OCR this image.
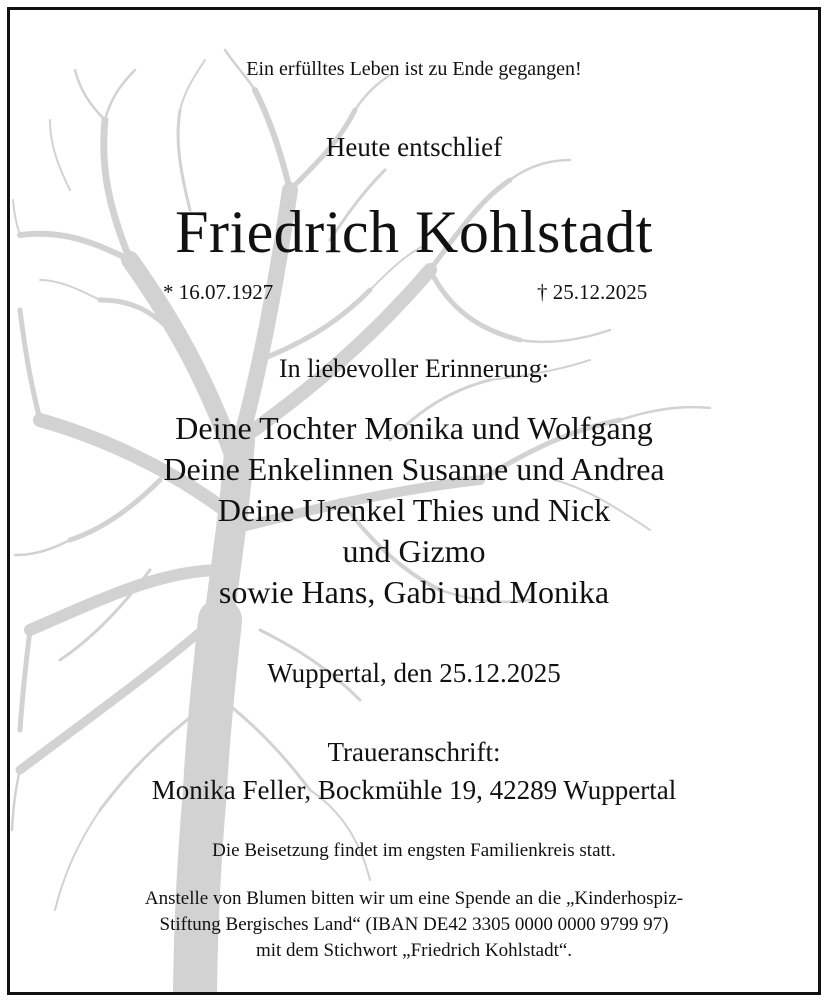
Ein erfülltes Leben ist zu Ende gegangen!

Heute entschlief

Friedrich Kohlstadt

* 16.07.1927	† 25.12.2025

In liebevoller Erinnerung:

Deine Tochter Monika und Wolfgang
Deine Enkelinnen Susanne und Andrea
Deine Urenkel Thies und Nick
und Gizmo
sowie Hans, Gabi und Monika

Wuppertal, den 25.12.2025

Traueranschrift:

Monika Feller, Bockmühle 19, 42289 Wuppertal

Die Beisetzung findet im engsten Familienkreis statt.

Anstelle von Blumen bitten wir um eine Spende an die „Kinderhospiz-
Stiftung Bergisches Land“ (IBAN DE42 3305 0000 0000 9799 97)
mit dem Stichwort „Friedrich Kohlstadt“.
